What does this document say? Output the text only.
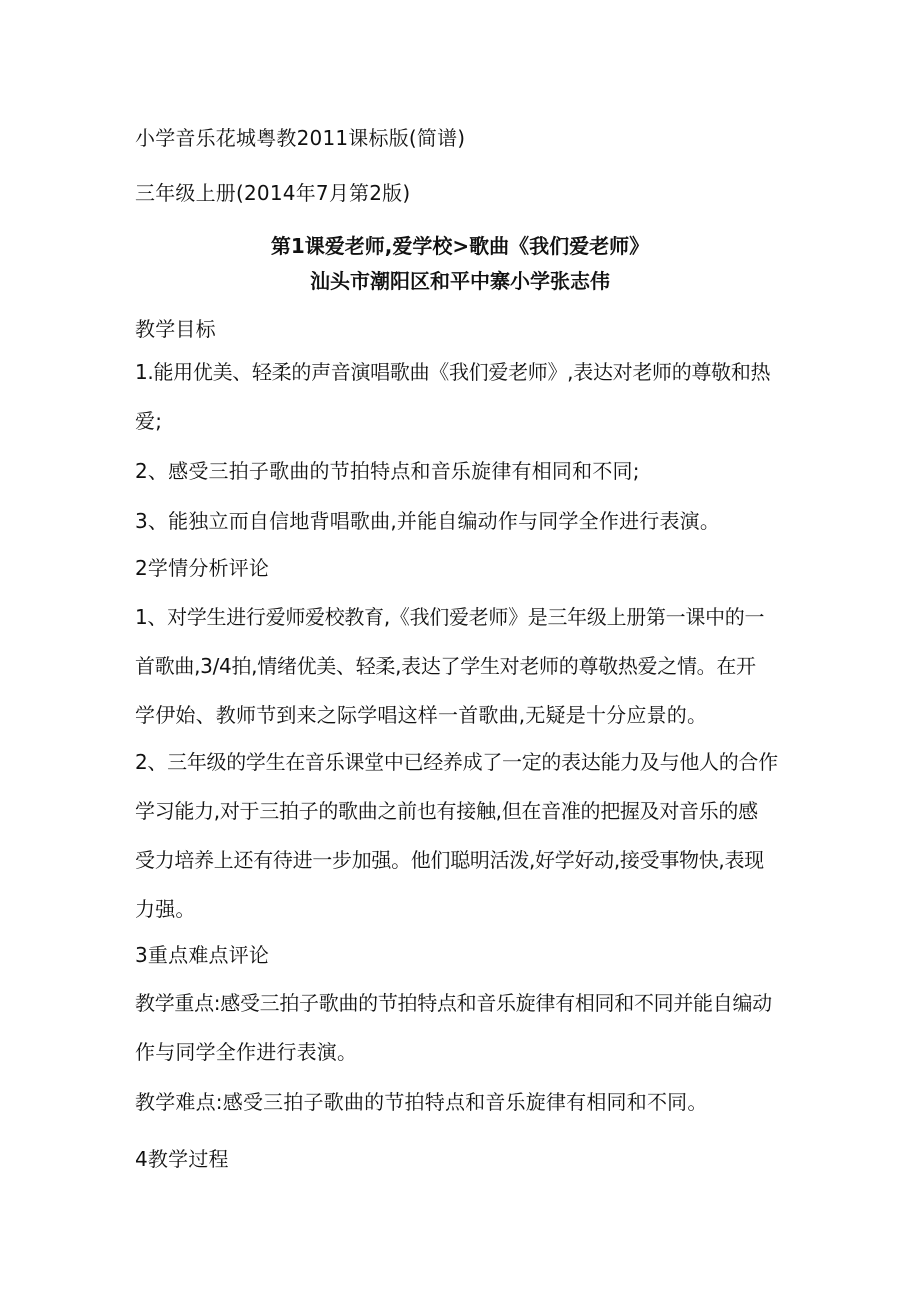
小学音乐花城粤教2011课标版(简谱)
三年级上册(2014年7月第2版)
第1课爱老师,爱学校>歌曲《我们爱老师》
汕头市潮阳区和平中寨小学张志伟
教学目标
1.能用优美、轻柔的声音演唱歌曲《我们爱老师》,表达对老师的尊敬和热
爱;
2、感受三拍子歌曲的节拍特点和音乐旋律有相同和不同;
3、能独立而自信地背唱歌曲,并能自编动作与同学全作进行表演。
2学情分析评论
1、对学生进行爱师爱校教育,《我们爱老师》是三年级上册第一课中的一
首歌曲,3/4拍,情绪优美、轻柔,表达了学生对老师的尊敬热爱之情。在开
学伊始、教师节到来之际学唱这样一首歌曲,无疑是十分应景的。
2、三年级的学生在音乐课堂中已经养成了一定的表达能力及与他人的合作
学习能力,对于三拍子的歌曲之前也有接触,但在音准的把握及对音乐的感
受力培养上还有待进一步加强。他们聪明活泼,好学好动,接受事物快,表现
力强。
3重点难点评论
教学重点:感受三拍子歌曲的节拍特点和音乐旋律有相同和不同并能自编动
作与同学全作进行表演。
教学难点:感受三拍子歌曲的节拍特点和音乐旋律有相同和不同。
4教学过程
